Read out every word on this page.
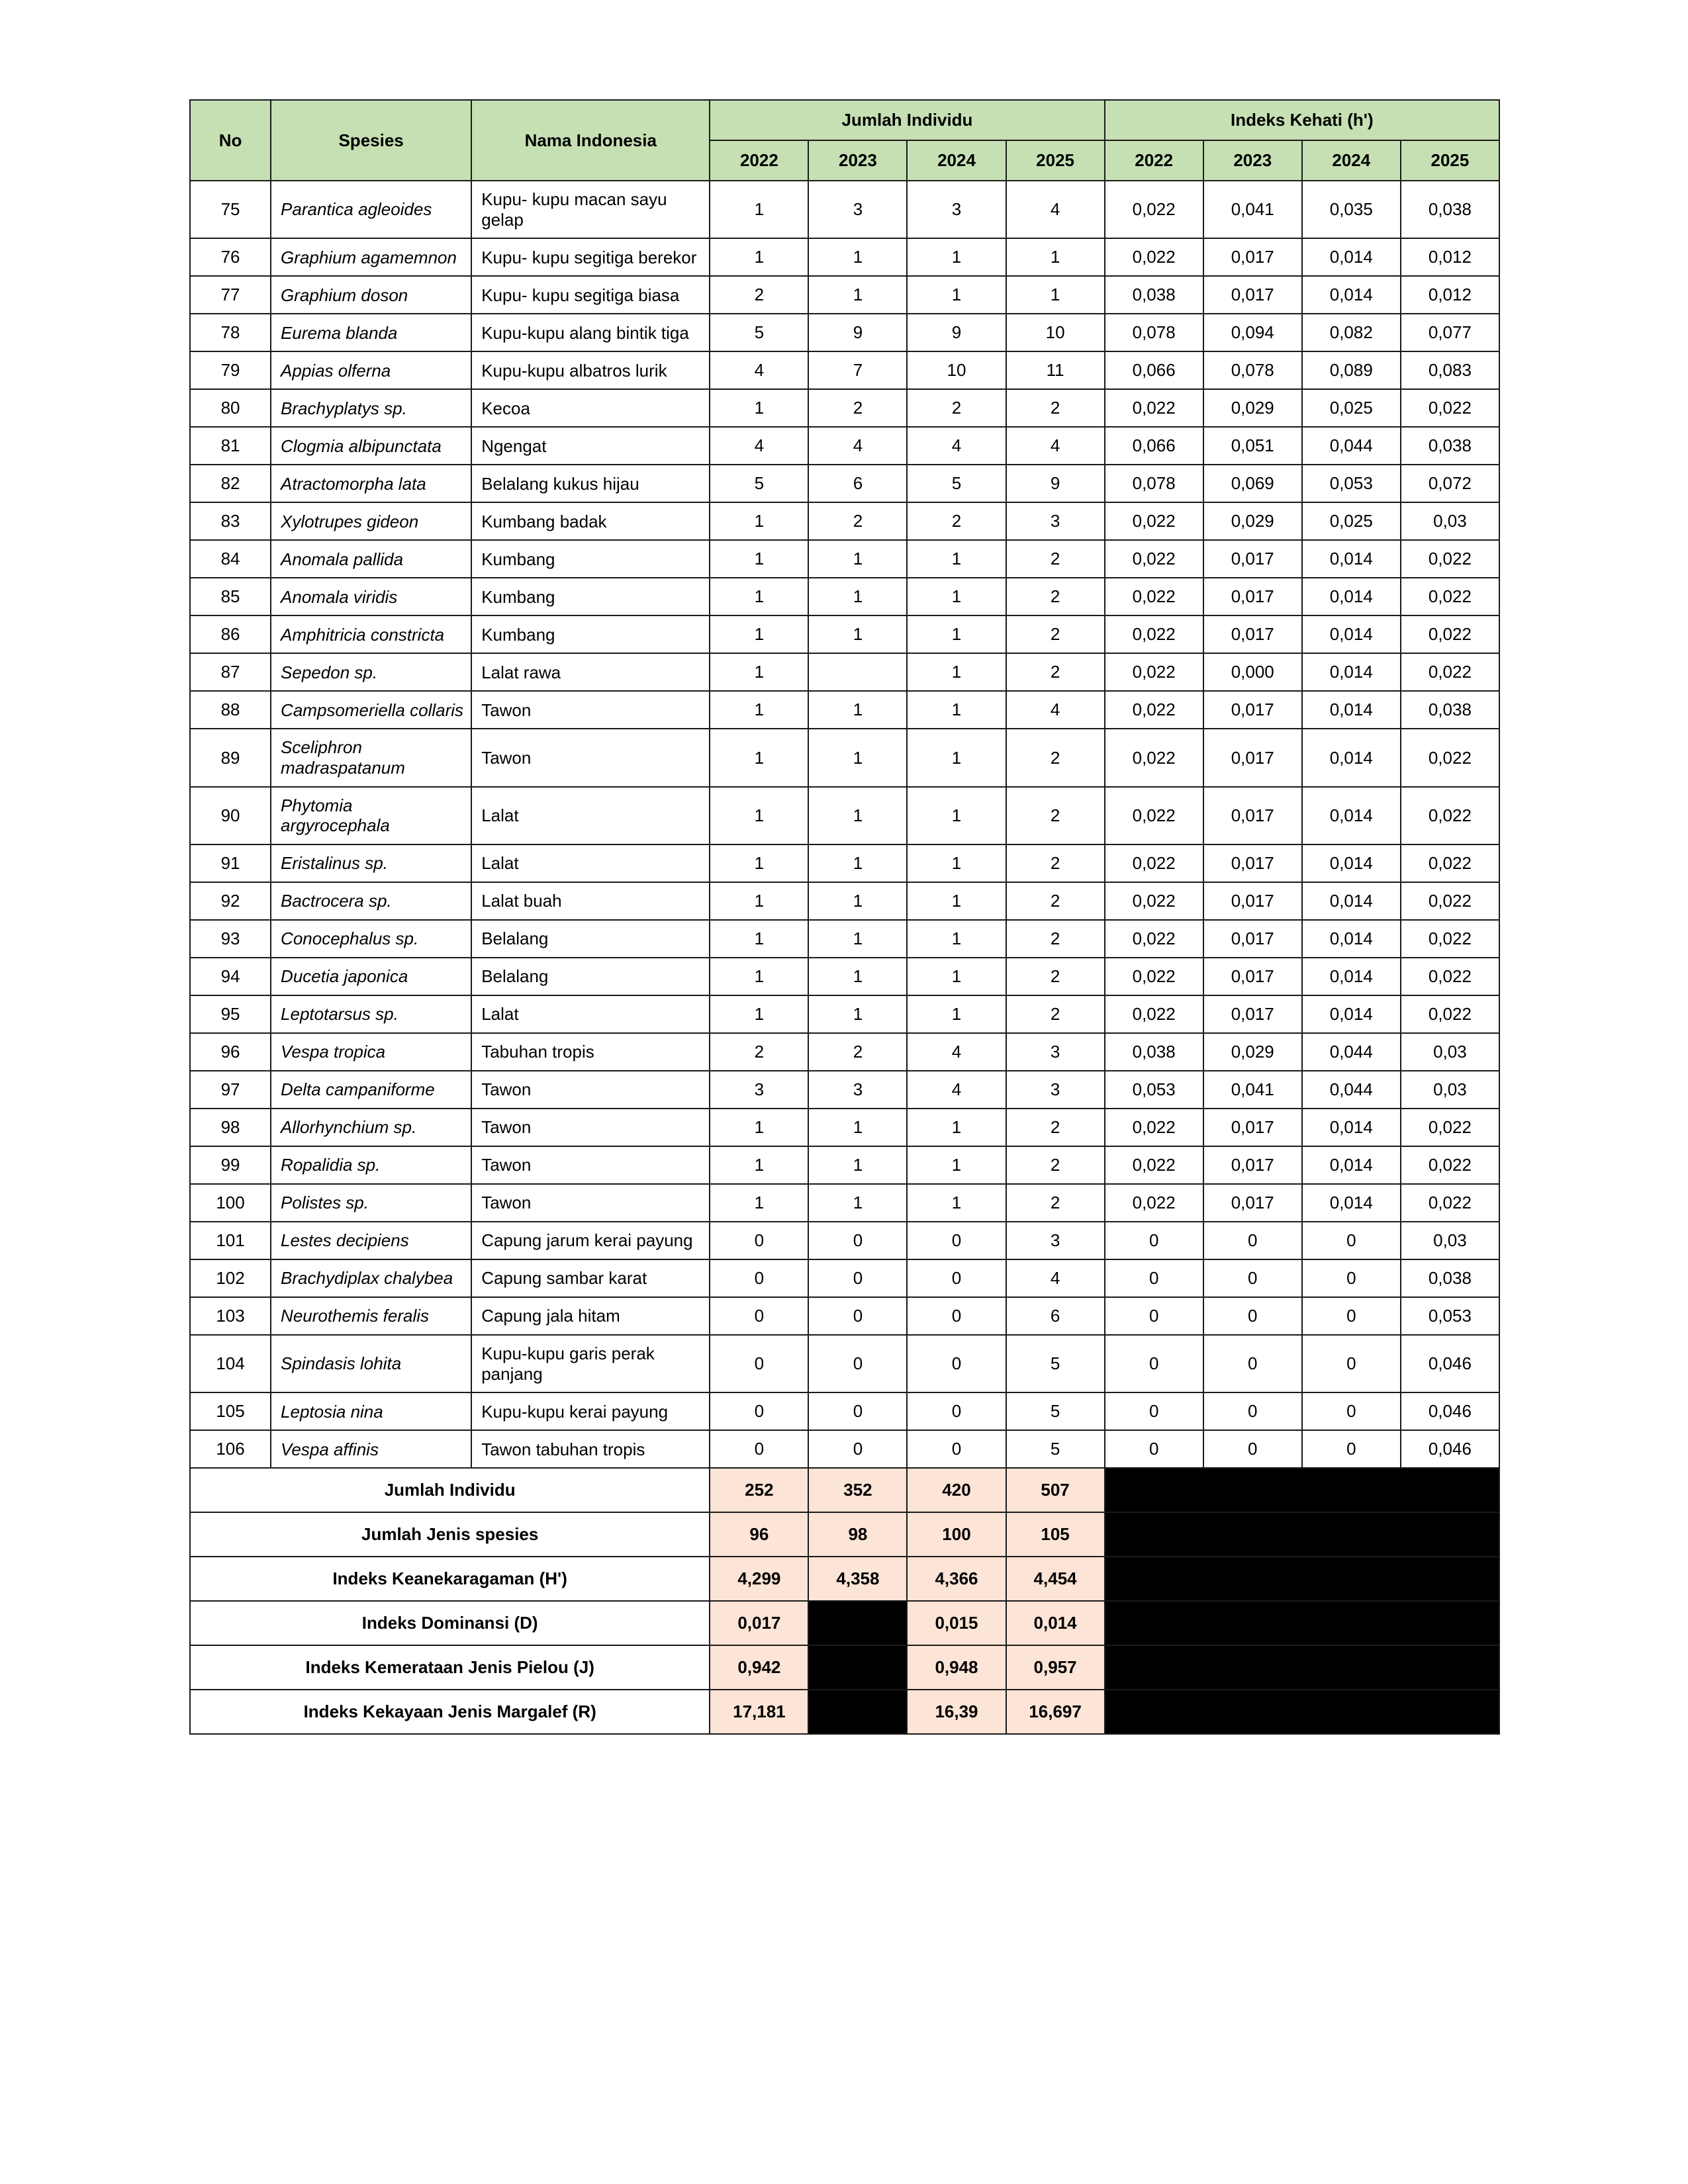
No	Spesies	Nama Indonesia	Jumlah Individu				Indeks Kehati (h')			
			2022	2023	2024	2025	2022	2023	2024	2025
75	Parantica agleoides	Kupu- kupu macan sayu gelap	1	3	3	4	0,022	0,041	0,035	0,038
76	Graphium agamemnon	Kupu- kupu segitiga berekor	1	1	1	1	0,022	0,017	0,014	0,012
77	Graphium doson	Kupu- kupu segitiga biasa	2	1	1	1	0,038	0,017	0,014	0,012
78	Eurema blanda	Kupu-kupu alang bintik tiga	5	9	9	10	0,078	0,094	0,082	0,077
79	Appias olferna	Kupu-kupu albatros lurik	4	7	10	11	0,066	0,078	0,089	0,083
80	Brachyplatys sp.	Kecoa	1	2	2	2	0,022	0,029	0,025	0,022
81	Clogmia albipunctata	Ngengat	4	4	4	4	0,066	0,051	0,044	0,038
82	Atractomorpha lata	Belalang kukus hijau	5	6	5	9	0,078	0,069	0,053	0,072
83	Xylotrupes gideon	Kumbang badak	1	2	2	3	0,022	0,029	0,025	0,03
84	Anomala pallida	Kumbang	1	1	1	2	0,022	0,017	0,014	0,022
85	Anomala viridis	Kumbang	1	1	1	2	0,022	0,017	0,014	0,022
86	Amphitricia constricta	Kumbang	1	1	1	2	0,022	0,017	0,014	0,022
87	Sepedon sp.	Lalat rawa	1		1	2	0,022	0,000	0,014	0,022
88	Campsomeriella collaris	Tawon	1	1	1	4	0,022	0,017	0,014	0,038
89	Sceliphron madraspatanum	Tawon	1	1	1	2	0,022	0,017	0,014	0,022
90	Phytomia argyrocephala	Lalat	1	1	1	2	0,022	0,017	0,014	0,022
91	Eristalinus sp.	Lalat	1	1	1	2	0,022	0,017	0,014	0,022
92	Bactrocera sp.	Lalat buah	1	1	1	2	0,022	0,017	0,014	0,022
93	Conocephalus sp.	Belalang	1	1	1	2	0,022	0,017	0,014	0,022
94	Ducetia japonica	Belalang	1	1	1	2	0,022	0,017	0,014	0,022
95	Leptotarsus sp.	Lalat	1	1	1	2	0,022	0,017	0,014	0,022
96	Vespa tropica	Tabuhan tropis	2	2	4	3	0,038	0,029	0,044	0,03
97	Delta campaniforme	Tawon	3	3	4	3	0,053	0,041	0,044	0,03
98	Allorhynchium sp.	Tawon	1	1	1	2	0,022	0,017	0,014	0,022
99	Ropalidia sp.	Tawon	1	1	1	2	0,022	0,017	0,014	0,022
100	Polistes sp.	Tawon	1	1	1	2	0,022	0,017	0,014	0,022
101	Lestes decipiens	Capung jarum kerai payung	0	0	0	3	0	0	0	0,03
102	Brachydiplax chalybea	Capung sambar karat	0	0	0	4	0	0	0	0,038
103	Neurothemis feralis	Capung jala hitam	0	0	0	6	0	0	0	0,053
104	Spindasis lohita	Kupu-kupu garis perak panjang	0	0	0	5	0	0	0	0,046
105	Leptosia nina	Kupu-kupu kerai payung	0	0	0	5	0	0	0	0,046
106	Vespa affinis	Tawon tabuhan tropis	0	0	0	5	0	0	0	0,046
Jumlah Individu			252	352	420	507				
Jumlah Jenis spesies			96	98	100	105				
Indeks Keanekaragaman (H')			4,299	4,358	4,366	4,454				
Indeks Dominansi (D)			0,017		0,015	0,014				
Indeks Kemerataan Jenis Pielou (J)			0,942		0,948	0,957				
Indeks Kekayaan Jenis Margalef (R)			17,181		16,39	16,697				
